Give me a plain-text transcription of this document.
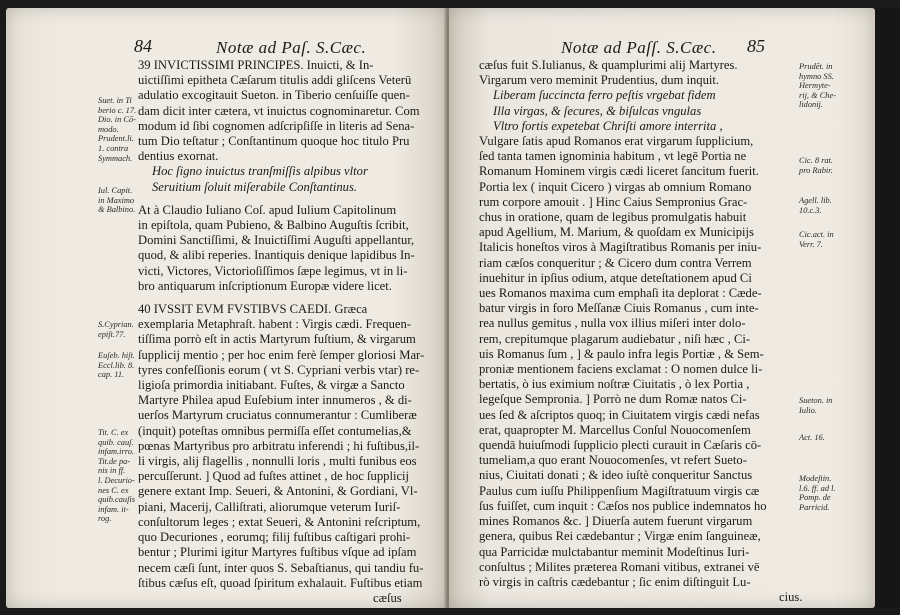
84	Notæ ad Paſ. S.Cæc.

39 INVICTISSIMI PRINCIPES. Inuicti, & In-

uictiſſimi epitheta Cæſarum titulis addi gliſcens Veterū

adulatio excogitauit Sueton. in Tiberio cenſuiſſe quen-

dam dicit inter cætera, vt inuictus cognominaretur. Com

modum id ſibi cognomen adſcripſiſſe in literis ad Sena-

tum Dio teſtatur ; Conſtantinum quoque hoc titulo Pru

dentius exornat.

Hoc ſigno inuictus tranſmiſſis alpibus vltor

Seruitium ſoluit miſerabile Conſtantinus.

At à Claudio Iuliano Coſ. apud Iulium Capitolinum

in epiſtola, quam Pubieno, & Balbino Auguſtis ſcribit,

Domini Sanctiſſimi, & Inuictiſſimi Auguſti appellantur,

quod, & alibi reperies. Inantiquis denique lapidibus In-

victi, Victores, Victorioſiſſimos ſæpe legimus, vt in li-

bro antiquarum inſcriptionum Europæ videre licet.

40 IVSSIT EVM FVSTIBVS CAEDI. Græca

exemplaria Metaphraſt. habent : Virgis cædi. Frequen-

tiſſima porrò eſt in actis Martyrum fuſtium, & virgarum

ſupplicij mentio ; per hoc enim ferè ſemper gloriosi Mar-

tyres confeſſionis eorum ( vt S. Cypriani verbis vtar) re-

ligioſa primordia initiabant. Fuſtes, & virgæ a Sancto

Martyre Philea apud Euſebium inter innumeros , & di-

uerſos Martyrum cruciatus connumerantur : Cumliberæ

(inquit) poteſtas omnibus permiſſa eſſet contumelias,&

pœnas Martyribus pro arbitratu inferendi ; hi fuſtibus,il-

li virgis, alij flagellis , nonnulli loris , multi funibus eos

percuſſerunt. ] Quod ad fuſtes attinet , de hoc ſupplicij

genere extant Imp. Seueri, & Antonini, & Gordiani, Vl-

piani, Macerij, Calliſtrati, aliorumque veterum Iuriſ-

conſultorum leges ; extat Seueri, & Antonini reſcriptum,

quo Decuriones , eorumq; filij fuſtibus caſtigari prohi-

bentur ; Plurimi igitur Martyres fuſtibus vſque ad ipſam

necem cæſi ſunt, inter quos S. Sebaſtianus, qui tandiu fu-

ſtibus cæſus eſt, quoad ſpiritum exhalauit. Fuſtibus etiam

cæſus

Suet. in Ti
berio c. 17.
Dio. in Cō-
modo.
Prudent.li.
1. contra
Symmach.
Iul. Capit.
in Maximo
& Balbino.
S.Cyprian.
epiſt.77.
Euſeb. hiſt.
Eccl.lib. 8.
cap. 11.
Tit. C. ex
quib. cauſ.
infam.irro.
Tit.de pa-
nis in ff.
l. Decurio-
nes C. ex
quib.cauſis
infam. it-
rog.
Notæ ad Paſſ. S.Cæc. 85

cæſus fuit S.Iulianus, & quamplurimi alij Martyres.

Virgarum vero meminit Prudentius, dum inquit.

Liberam ſuccincta ferro peſtis vrgebat fidem

Illa virgas, & ſecures, & biſulcas vngulas

Vltro fortis expetebat Chriſti amore interrita ,

Vulgare ſatis apud Romanos erat virgarum ſupplicium,

ſed tanta tamen ignominia habitum , vt legē Portia ne

Romanum Hominem virgis cædi liceret ſancitum fuerit.

Portia lex ( inquit Cicero ) virgas ab omnium Romano

rum corpore amouit . ] Hinc Caius Sempronius Grac-

chus in oratione, quam de legibus promulgatis habuit

apud Agellium, M. Marium, & quoſdam ex Municipijs

Italicis honeſtos viros à Magiſtratibus Romanis per iniu-

riam cæſos conqueritur ; & Cicero dum contra Verrem

inuehitur in ipſius odium, atque deteſtationem apud Ci

ues Romanos maxima cum emphaſi ita deplorat : Cæde-

batur virgis in foro Meſſanæ Ciuis Romanus , cum inte-

rea nullus gemitus , nulla vox illius miſeri inter dolo-

rem, crepitumque plagarum audiebatur , niſi hæc , Ci-

uis Romanus ſum , ] & paulo infra legis Portiæ , & Sem-

proniæ mentionem faciens exclamat : O nomen dulce li-

bertatis, ò ius eximium noſtræ Ciuitatis , ò lex Portia ,

legeſque Sempronia. ] Porrò ne dum Romæ natos Ci-

ues ſed & aſcriptos quoq; in Ciuitatem virgis cædi nefas

erat, quapropter M. Marcellus Conſul Nouocomenſem

quendā huiuſmodi ſupplicio plecti curauit in Cæſaris cō-

tumeliam,a quo erant Nouocomenſes, vt refert Sueto-

nius, Ciuitati donati ; & ideo iuſtè conqueritur Sanctus

Paulus cum iuſſu Philippenſium Magiſtratuum virgis cæ

ſus fuiſſet, cum inquit : Cæſos nos publice indemnatos ho

mines Romanos &c. ] Diuerſa autem fuerunt virgarum

genera, quibus Rei cædebantur ; Virgæ enim ſanguineæ,

qua Parricidæ mulctabantur meminit Modeſtinus Iuri-

conſultus ; Milites præterea Romani vitibus, extranei vē

rò virgis in caſtris cædebantur ; ſic enim diſtinguit Lu-

cius.

Prudēt. in
hymno SS.
Hermyte-
rij, & Che-
lidonij.
Cic. 8 rat.
pro Rabir.
Agell. lib.
10.c.3.
Cic.act. in
Verr. 7.
Sueton. in
Iulio.
Act. 16.
Modeſtin.
l.6. ff. ad l.
Pomp. de
Parricid.
